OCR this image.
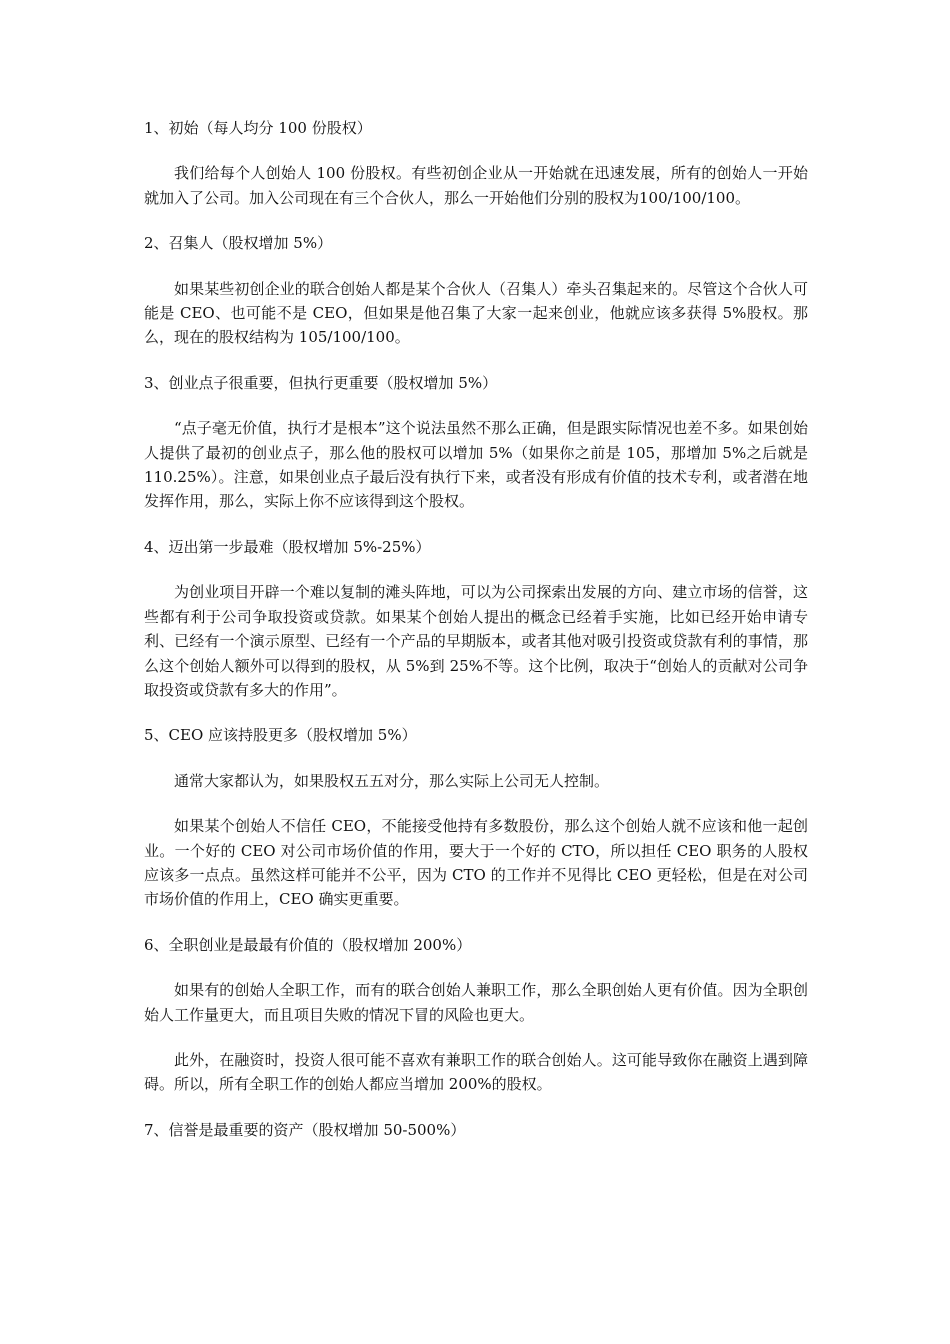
1、初始（每人均分 100 份股权）

我们给每个人创始人 100 份股权。有些初创企业从一开始就在迅速发展，所有的创始人一开始就加入了公司。加入公司现在有三个合伙人，那么一开始他们分别的股权为100/100/100。

2、召集人（股权增加 5%）

如果某些初创企业的联合创始人都是某个合伙人（召集人）牵头召集起来的。尽管这个合伙人可能是 CEO、也可能不是 CEO，但如果是他召集了大家一起来创业，他就应该多获得 5%股权。那么，现在的股权结构为 105/100/100。

3、创业点子很重要，但执行更重要（股权增加 5%）

“点子毫无价值，执行才是根本”这个说法虽然不那么正确，但是跟实际情况也差不多。如果创始人提供了最初的创业点子，那么他的股权可以增加 5%（如果你之前是 105，那增加 5%之后就是 110.25%）。注意，如果创业点子最后没有执行下来，或者没有形成有价值的技术专利，或者潜在地发挥作用，那么，实际上你不应该得到这个股权。

4、迈出第一步最难（股权增加 5%-25%）

为创业项目开辟一个难以复制的滩头阵地，可以为公司探索出发展的方向、建立市场的信誉，这些都有利于公司争取投资或贷款。如果某个创始人提出的概念已经着手实施，比如已经开始申请专利、已经有一个演示原型、已经有一个产品的早期版本，或者其他对吸引投资或贷款有利的事情，那么这个创始人额外可以得到的股权，从 5%到 25%不等。这个比例，取决于“创始人的贡献对公司争取投资或贷款有多大的作用”。

5、CEO 应该持股更多（股权增加 5%）

通常大家都认为，如果股权五五对分，那么实际上公司无人控制。

如果某个创始人不信任 CEO，不能接受他持有多数股份，那么这个创始人就不应该和他一起创业。一个好的 CEO 对公司市场价值的作用，要大于一个好的 CTO，所以担任 CEO 职务的人股权应该多一点点。虽然这样可能并不公平，因为 CTO 的工作并不见得比 CEO 更轻松，但是在对公司市场价值的作用上，CEO 确实更重要。

6、全职创业是最最有价值的（股权增加 200%）

如果有的创始人全职工作，而有的联合创始人兼职工作，那么全职创始人更有价值。因为全职创始人工作量更大，而且项目失败的情况下冒的风险也更大。

此外，在融资时，投资人很可能不喜欢有兼职工作的联合创始人。这可能导致你在融资上遇到障碍。所以，所有全职工作的创始人都应当增加 200%的股权。

7、信誉是最重要的资产（股权增加 50-500%）
